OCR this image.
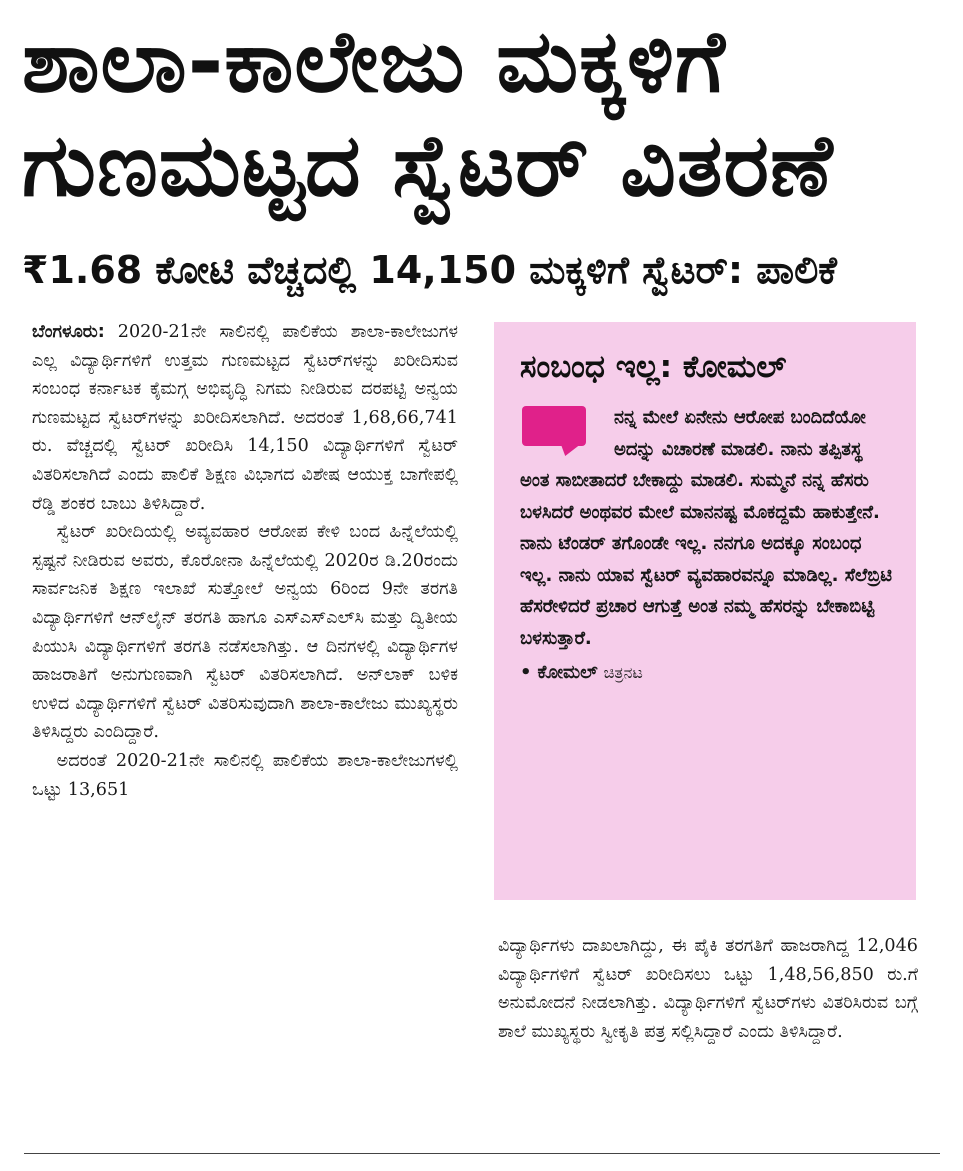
ಶಾಲಾ-ಕಾಲೇಜು ಮಕ್ಕಳಿಗೆ
ಗುಣಮಟ್ಟದ ಸ್ವೆಟರ್ ವಿತರಣೆ
₹1.68 ಕೋಟಿ ವೆಚ್ಚದಲ್ಲಿ 14,150 ಮಕ್ಕಳಿಗೆ ಸ್ವೆಟರ್: ಪಾಲಿಕೆ

ಬೆಂಗಳೂರು: 2020-21ನೇ ಸಾಲಿನಲ್ಲಿ ಪಾಲಿಕೆಯ ಶಾಲಾ-ಕಾಲೇಜುಗಳ ಎಲ್ಲ ವಿದ್ಯಾರ್ಥಿಗಳಿಗೆ ಉತ್ತಮ ಗುಣಮಟ್ಟದ ಸ್ವೆಟರ್‌ಗಳನ್ನು ಖರೀದಿಸುವ ಸಂಬಂಧ ಕರ್ನಾಟಕ ಕೈಮಗ್ಗ ಅಭಿವೃದ್ಧಿ ನಿಗಮ ನೀಡಿರುವ ದರಪಟ್ಟಿ ಅನ್ವಯ ಗುಣಮಟ್ಟದ ಸ್ವೆಟರ್‌ಗಳನ್ನು ಖರೀದಿಸಲಾಗಿದೆ. ಅದರಂತೆ 1,68,66,741 ರು. ವೆಚ್ಚದಲ್ಲಿ ಸ್ವೆಟರ್ ಖರೀದಿಸಿ 14,150 ವಿದ್ಯಾರ್ಥಿಗಳಿಗೆ ಸ್ವೆಟರ್ ವಿತರಿಸಲಾಗಿದೆ ಎಂದು ಪಾಲಿಕೆ ಶಿಕ್ಷಣ ವಿಭಾಗದ ವಿಶೇಷ ಆಯುಕ್ತ ಬಾಗೇಪಲ್ಲಿ ರೆಡ್ಡಿ ಶಂಕರ ಬಾಬು ತಿಳಿಸಿದ್ದಾರೆ.

ಸ್ವೆಟರ್ ಖರೀದಿಯಲ್ಲಿ ಅವ್ಯವಹಾರ ಆರೋಪ ಕೇಳಿ ಬಂದ ಹಿನ್ನೆಲೆಯಲ್ಲಿ ಸ್ಪಷ್ಟನೆ ನೀಡಿರುವ ಅವರು, ಕೊರೋನಾ ಹಿನ್ನೆಲೆಯಲ್ಲಿ 2020ರ ಡಿ.20ರಂದು ಸಾರ್ವಜನಿಕ ಶಿಕ್ಷಣ ಇಲಾಖೆ ಸುತ್ತೋಲೆ ಅನ್ವಯ 6ರಿಂದ 9ನೇ ತರಗತಿ ವಿದ್ಯಾರ್ಥಿಗಳಿಗೆ ಆನ್‌ಲೈನ್ ತರಗತಿ ಹಾಗೂ ಎಸ್‌ಎಸ್‌ಎಲ್‌ಸಿ ಮತ್ತು ದ್ವಿತೀಯ ಪಿಯುಸಿ ವಿದ್ಯಾರ್ಥಿಗಳಿಗೆ ತರಗತಿ ನಡೆಸಲಾಗಿತ್ತು. ಆ ದಿನಗಳಲ್ಲಿ ವಿದ್ಯಾರ್ಥಿಗಳ ಹಾಜರಾತಿಗೆ ಅನುಗುಣವಾಗಿ ಸ್ವೆಟರ್ ವಿತರಿಸಲಾಗಿದೆ. ಅನ್‌ಲಾಕ್ ಬಳಿಕ ಉಳಿದ ವಿದ್ಯಾರ್ಥಿಗಳಿಗೆ ಸ್ವೆಟರ್ ವಿತರಿಸುವುದಾಗಿ ಶಾಲಾ-ಕಾಲೇಜು ಮುಖ್ಯಸ್ಥರು ತಿಳಿಸಿದ್ದರು ಎಂದಿದ್ದಾರೆ.

ಅದರಂತೆ 2020-21ನೇ ಸಾಲಿನಲ್ಲಿ ಪಾಲಿಕೆಯ ಶಾಲಾ-ಕಾಲೇಜುಗಳಲ್ಲಿ ಒಟ್ಟು 13,651

ಸಂಬಂಧ ಇಲ್ಲ: ಕೋಮಲ್
ನನ್ನ ಮೇಲೆ ಏನೇನು ಆರೋಪ ಬಂದಿದೆಯೋ ಅದನ್ನು ವಿಚಾರಣೆ ಮಾಡಲಿ. ನಾನು ತಪ್ಪಿತಸ್ಥ ಅಂತ ಸಾಬೀತಾದರೆ ಬೇಕಾದ್ದು ಮಾಡಲಿ. ಸುಮ್ಮನೆ ನನ್ನ ಹೆಸರು ಬಳಸಿದರೆ ಅಂಥವರ ಮೇಲೆ ಮಾನನಷ್ಟ ಮೊಕದ್ದಮೆ ಹಾಕುತ್ತೇನೆ. ನಾನು ಟೆಂಡರ್ ತಗೊಂಡೇ ಇಲ್ಲ. ನನಗೂ ಅದಕ್ಕೂ ಸಂಬಂಧ ಇಲ್ಲ. ನಾನು ಯಾವ ಸ್ವೆಟರ್ ವ್ಯವಹಾರವನ್ನೂ ಮಾಡಿಲ್ಲ. ಸೆಲೆಬ್ರಿಟಿ ಹೆಸರೇಳಿದರೆ ಪ್ರಚಾರ ಆಗುತ್ತೆ ಅಂತ ನಮ್ಮ ಹೆಸರನ್ನು ಬೇಕಾಬಿಟ್ಟಿ ಬಳಸುತ್ತಾರೆ.
• ಕೋಮಲ್ ಚಿತ್ರನಟ

ವಿದ್ಯಾರ್ಥಿಗಳು ದಾಖಲಾಗಿದ್ದು, ಈ ಪೈಕಿ ತರಗತಿಗೆ ಹಾಜರಾಗಿದ್ದ 12,046 ವಿದ್ಯಾರ್ಥಿಗಳಿಗೆ ಸ್ವೆಟರ್ ಖರೀದಿಸಲು ಒಟ್ಟು 1,48,56,850 ರು.ಗೆ ಅನುಮೋದನೆ ನೀಡಲಾಗಿತ್ತು. ವಿದ್ಯಾರ್ಥಿಗಳಿಗೆ ಸ್ವೆಟರ್‌ಗಳು ವಿತರಿಸಿರುವ ಬಗ್ಗೆ ಶಾಲೆ ಮುಖ್ಯಸ್ಥರು ಸ್ವೀಕೃತಿ ಪತ್ರ ಸಲ್ಲಿಸಿದ್ದಾರೆ ಎಂದು ತಿಳಿಸಿದ್ದಾರೆ.
